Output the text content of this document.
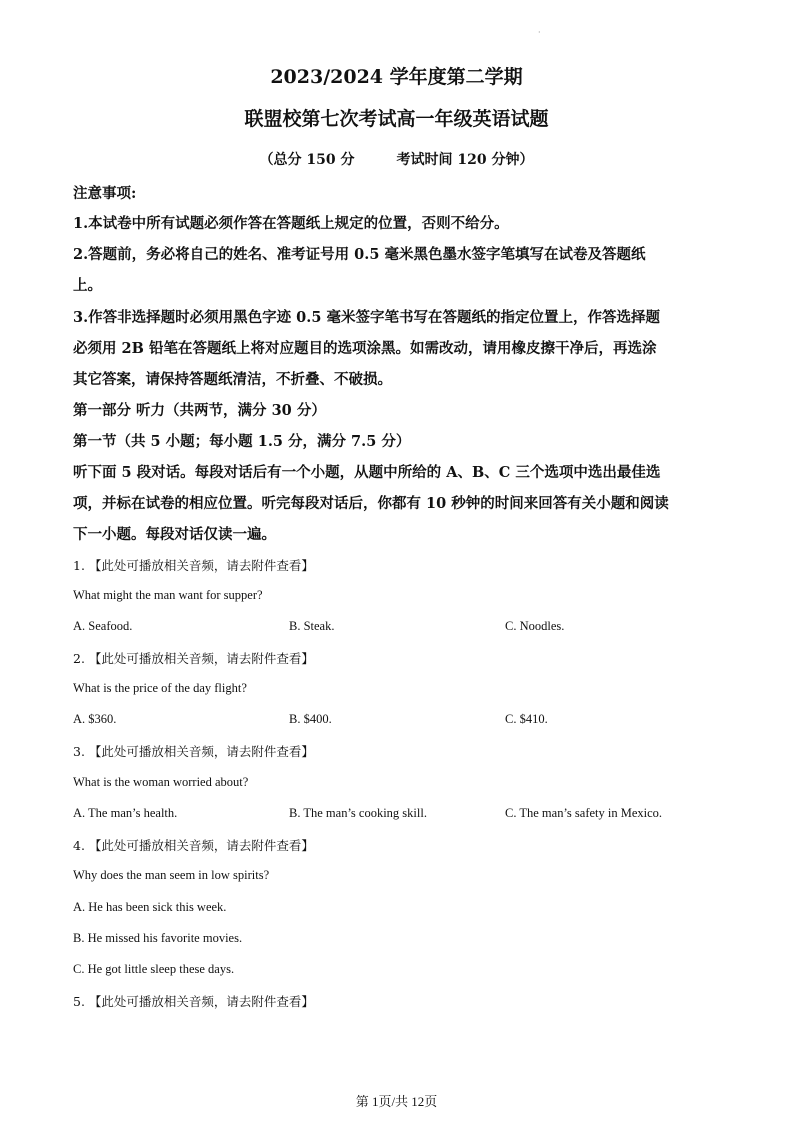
·
2023/2024 学年度第二学期
联盟校第七次考试高一年级英语试题
（总分 150 分	考试时间 120 分钟）
注意事项:
1.本试卷中所有试题必须作答在答题纸上规定的位置，否则不给分。
2.答题前，务必将自己的姓名、准考证号用 0.5 毫米黑色墨水签字笔填写在试卷及答题纸
上。
3.作答非选择题时必须用黑色字迹 0.5 毫米签字笔书写在答题纸的指定位置上，作答选择题
必须用 2B 铅笔在答题纸上将对应题目的选项涂黑。如需改动，请用橡皮擦干净后，再选涂
其它答案，请保持答题纸清洁，不折叠、不破损。
第一部分 听力（共两节，满分 30 分）
第一节（共 5 小题；每小题 1.5 分，满分 7.5 分）
听下面 5 段对话。每段对话后有一个小题，从题中所给的 A、B、C 三个选项中选出最佳选
项，并标在试卷的相应位置。听完每段对话后，你都有 10 秒钟的时间来回答有关小题和阅读
下一小题。每段对话仅读一遍。
1. 【此处可播放相关音频，请去附件查看】
What might the man want for supper?
A. Seafood.	B. Steak.	C. Noodles.
2. 【此处可播放相关音频，请去附件查看】
What is the price of the day flight?
A. $360.	B. $400.	C. $410.
3. 【此处可播放相关音频，请去附件查看】
What is the woman worried about?
A. The man’s health.	B. The man’s cooking skill.	C. The man’s safety in Mexico.
4. 【此处可播放相关音频，请去附件查看】
Why does the man seem in low spirits?
A. He has been sick this week.
B. He missed his favorite movies.
C. He got little sleep these days.
5. 【此处可播放相关音频，请去附件查看】
第 1页/共 12页
